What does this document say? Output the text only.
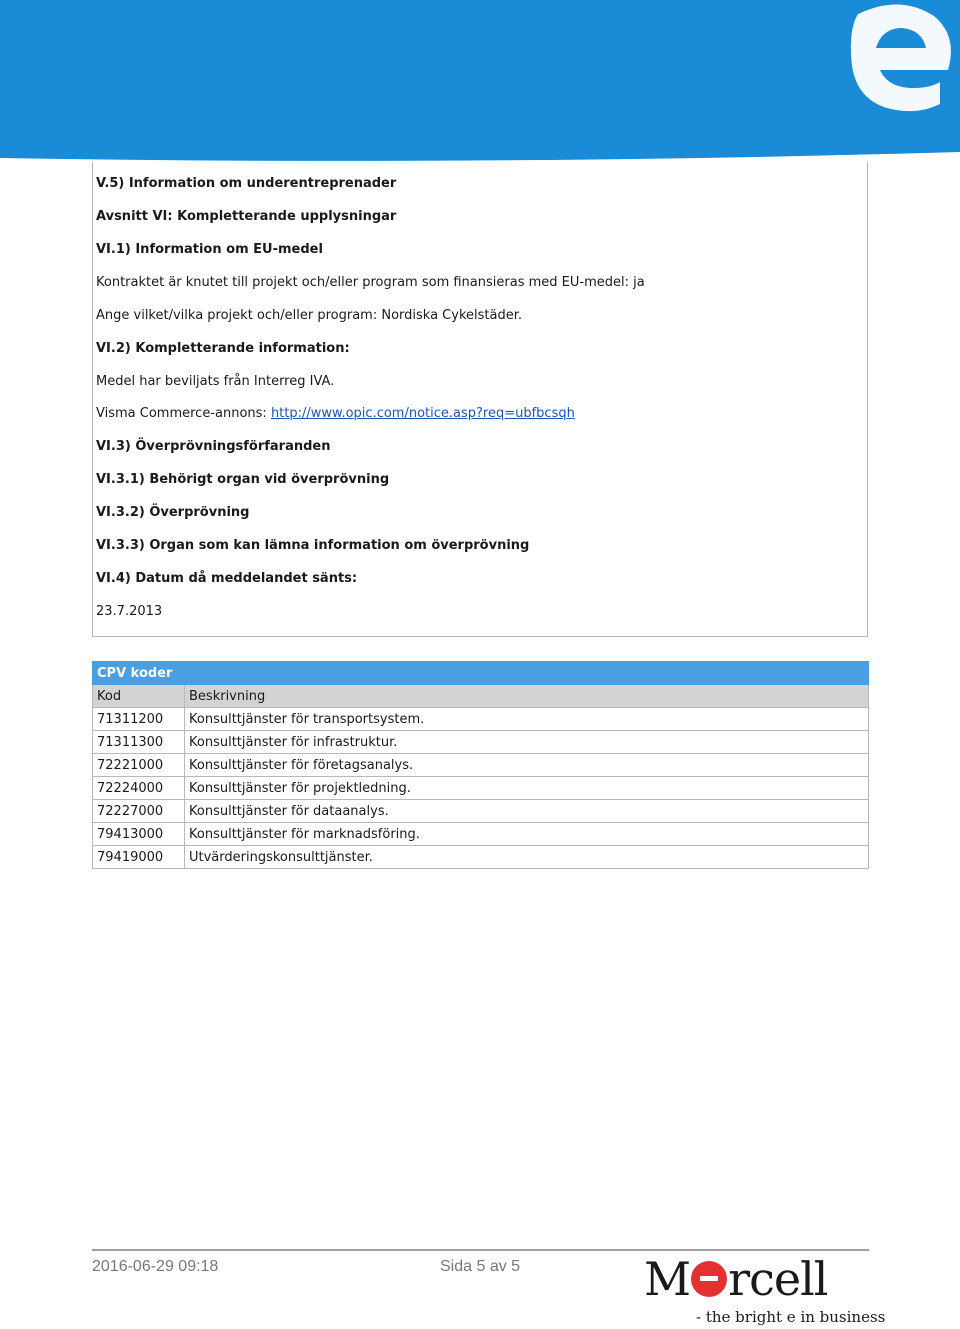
V.5) Information om underentreprenader
Avsnitt VI: Kompletterande upplysningar
VI.1) Information om EU-medel
Kontraktet är knutet till projekt och/eller program som finansieras med EU-medel: ja
Ange vilket/vilka projekt och/eller program: Nordiska Cykelstäder.
VI.2) Kompletterande information:
Medel har beviljats från Interreg IVA.
Visma Commerce-annons: http://www.opic.com/notice.asp?req=ubfbcsqh
VI.3) Överprövningsförfaranden
VI.3.1) Behörigt organ vid överprövning
VI.3.2) Överprövning
VI.3.3) Organ som kan lämna information om överprövning
VI.4) Datum då meddelandet sänts:
23.7.2013
CPV koder	
Kod	Beskrivning
71311200	Konsulttjänster för transportsystem.
71311300	Konsulttjänster för infrastruktur.
72221000	Konsulttjänster för företagsanalys.
72224000	Konsulttjänster för projektledning.
72227000	Konsulttjänster för dataanalys.
79413000	Konsulttjänster för marknadsföring.
79419000	Utvärderingskonsulttjänster.
2016-06-29 09:18	Sida 5 av 5	M rcell
- the bright e in business
